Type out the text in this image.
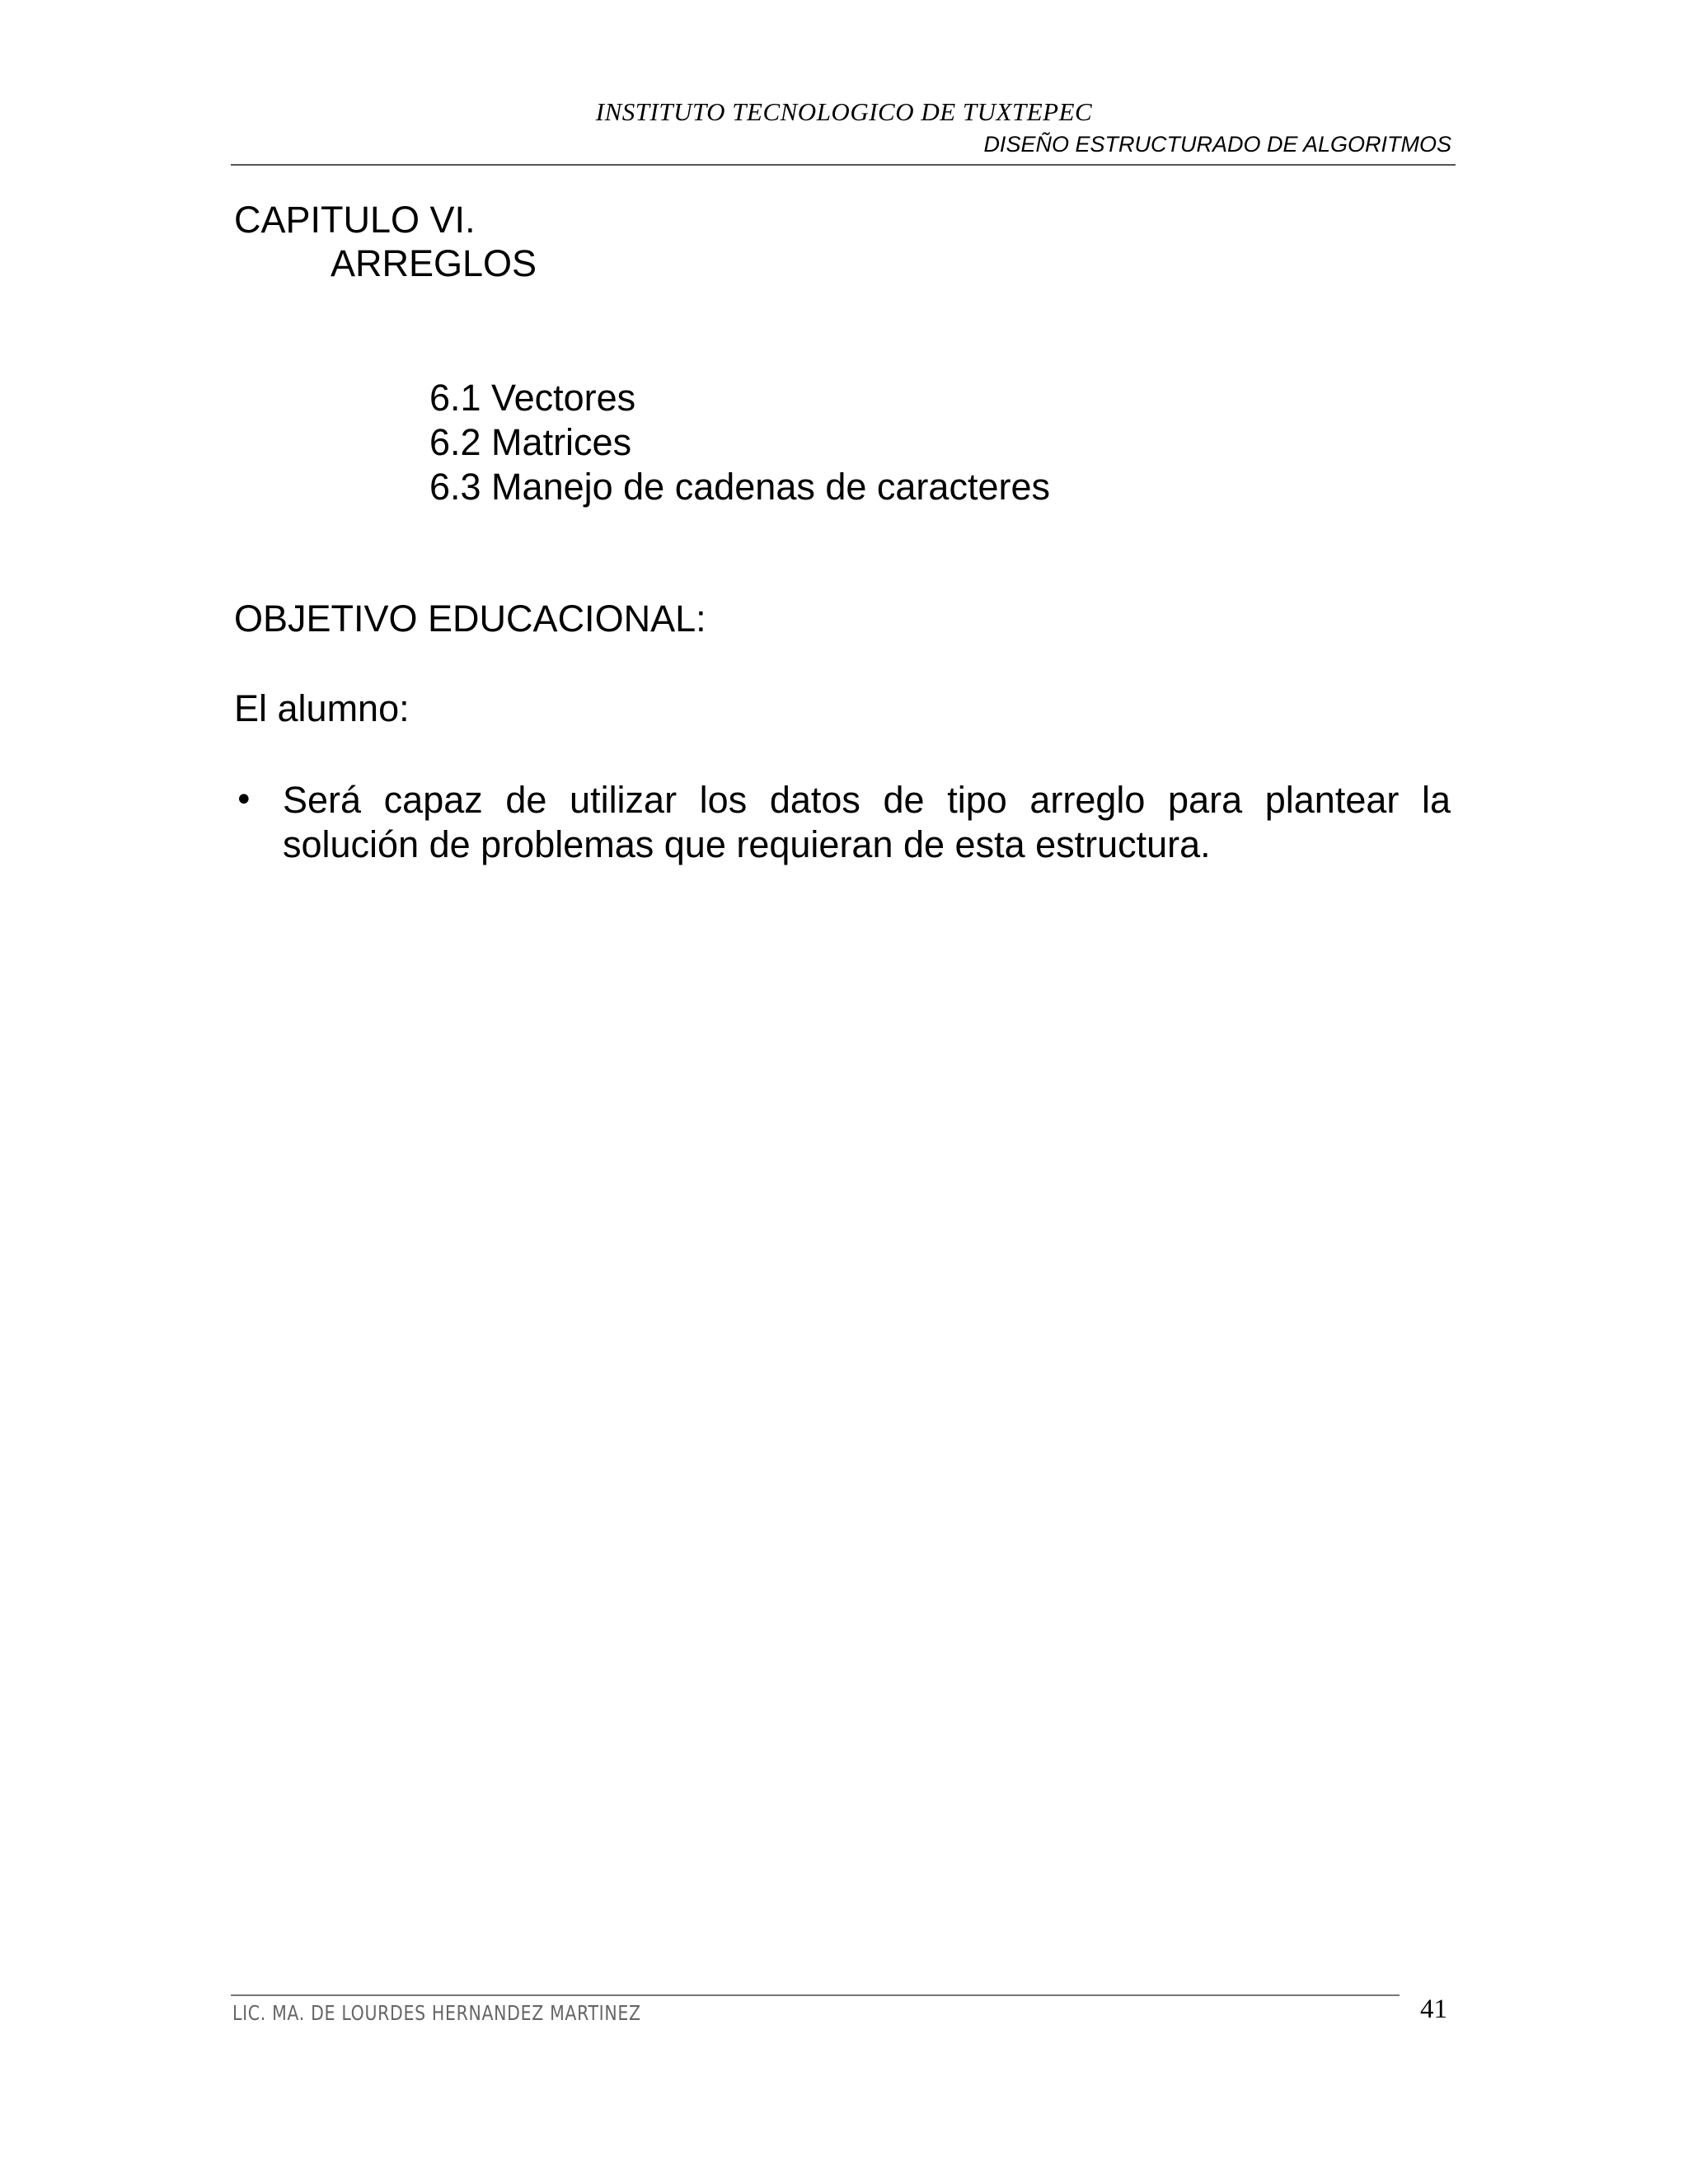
INSTITUTO TECNOLOGICO DE TUXTEPEC
DISEÑO ESTRUCTURADO DE ALGORITMOS
CAPITULO VI.
ARREGLOS
6.1 Vectores
6.2 Matrices
6.3 Manejo de cadenas de caracteres
OBJETIVO EDUCACIONAL:
El alumno:
• Será capaz de utilizar los datos de tipo arreglo para plantear la solución de problemas que requieran de esta estructura.
LIC. MA. DE LOURDES HERNANDEZ MARTINEZ	41
